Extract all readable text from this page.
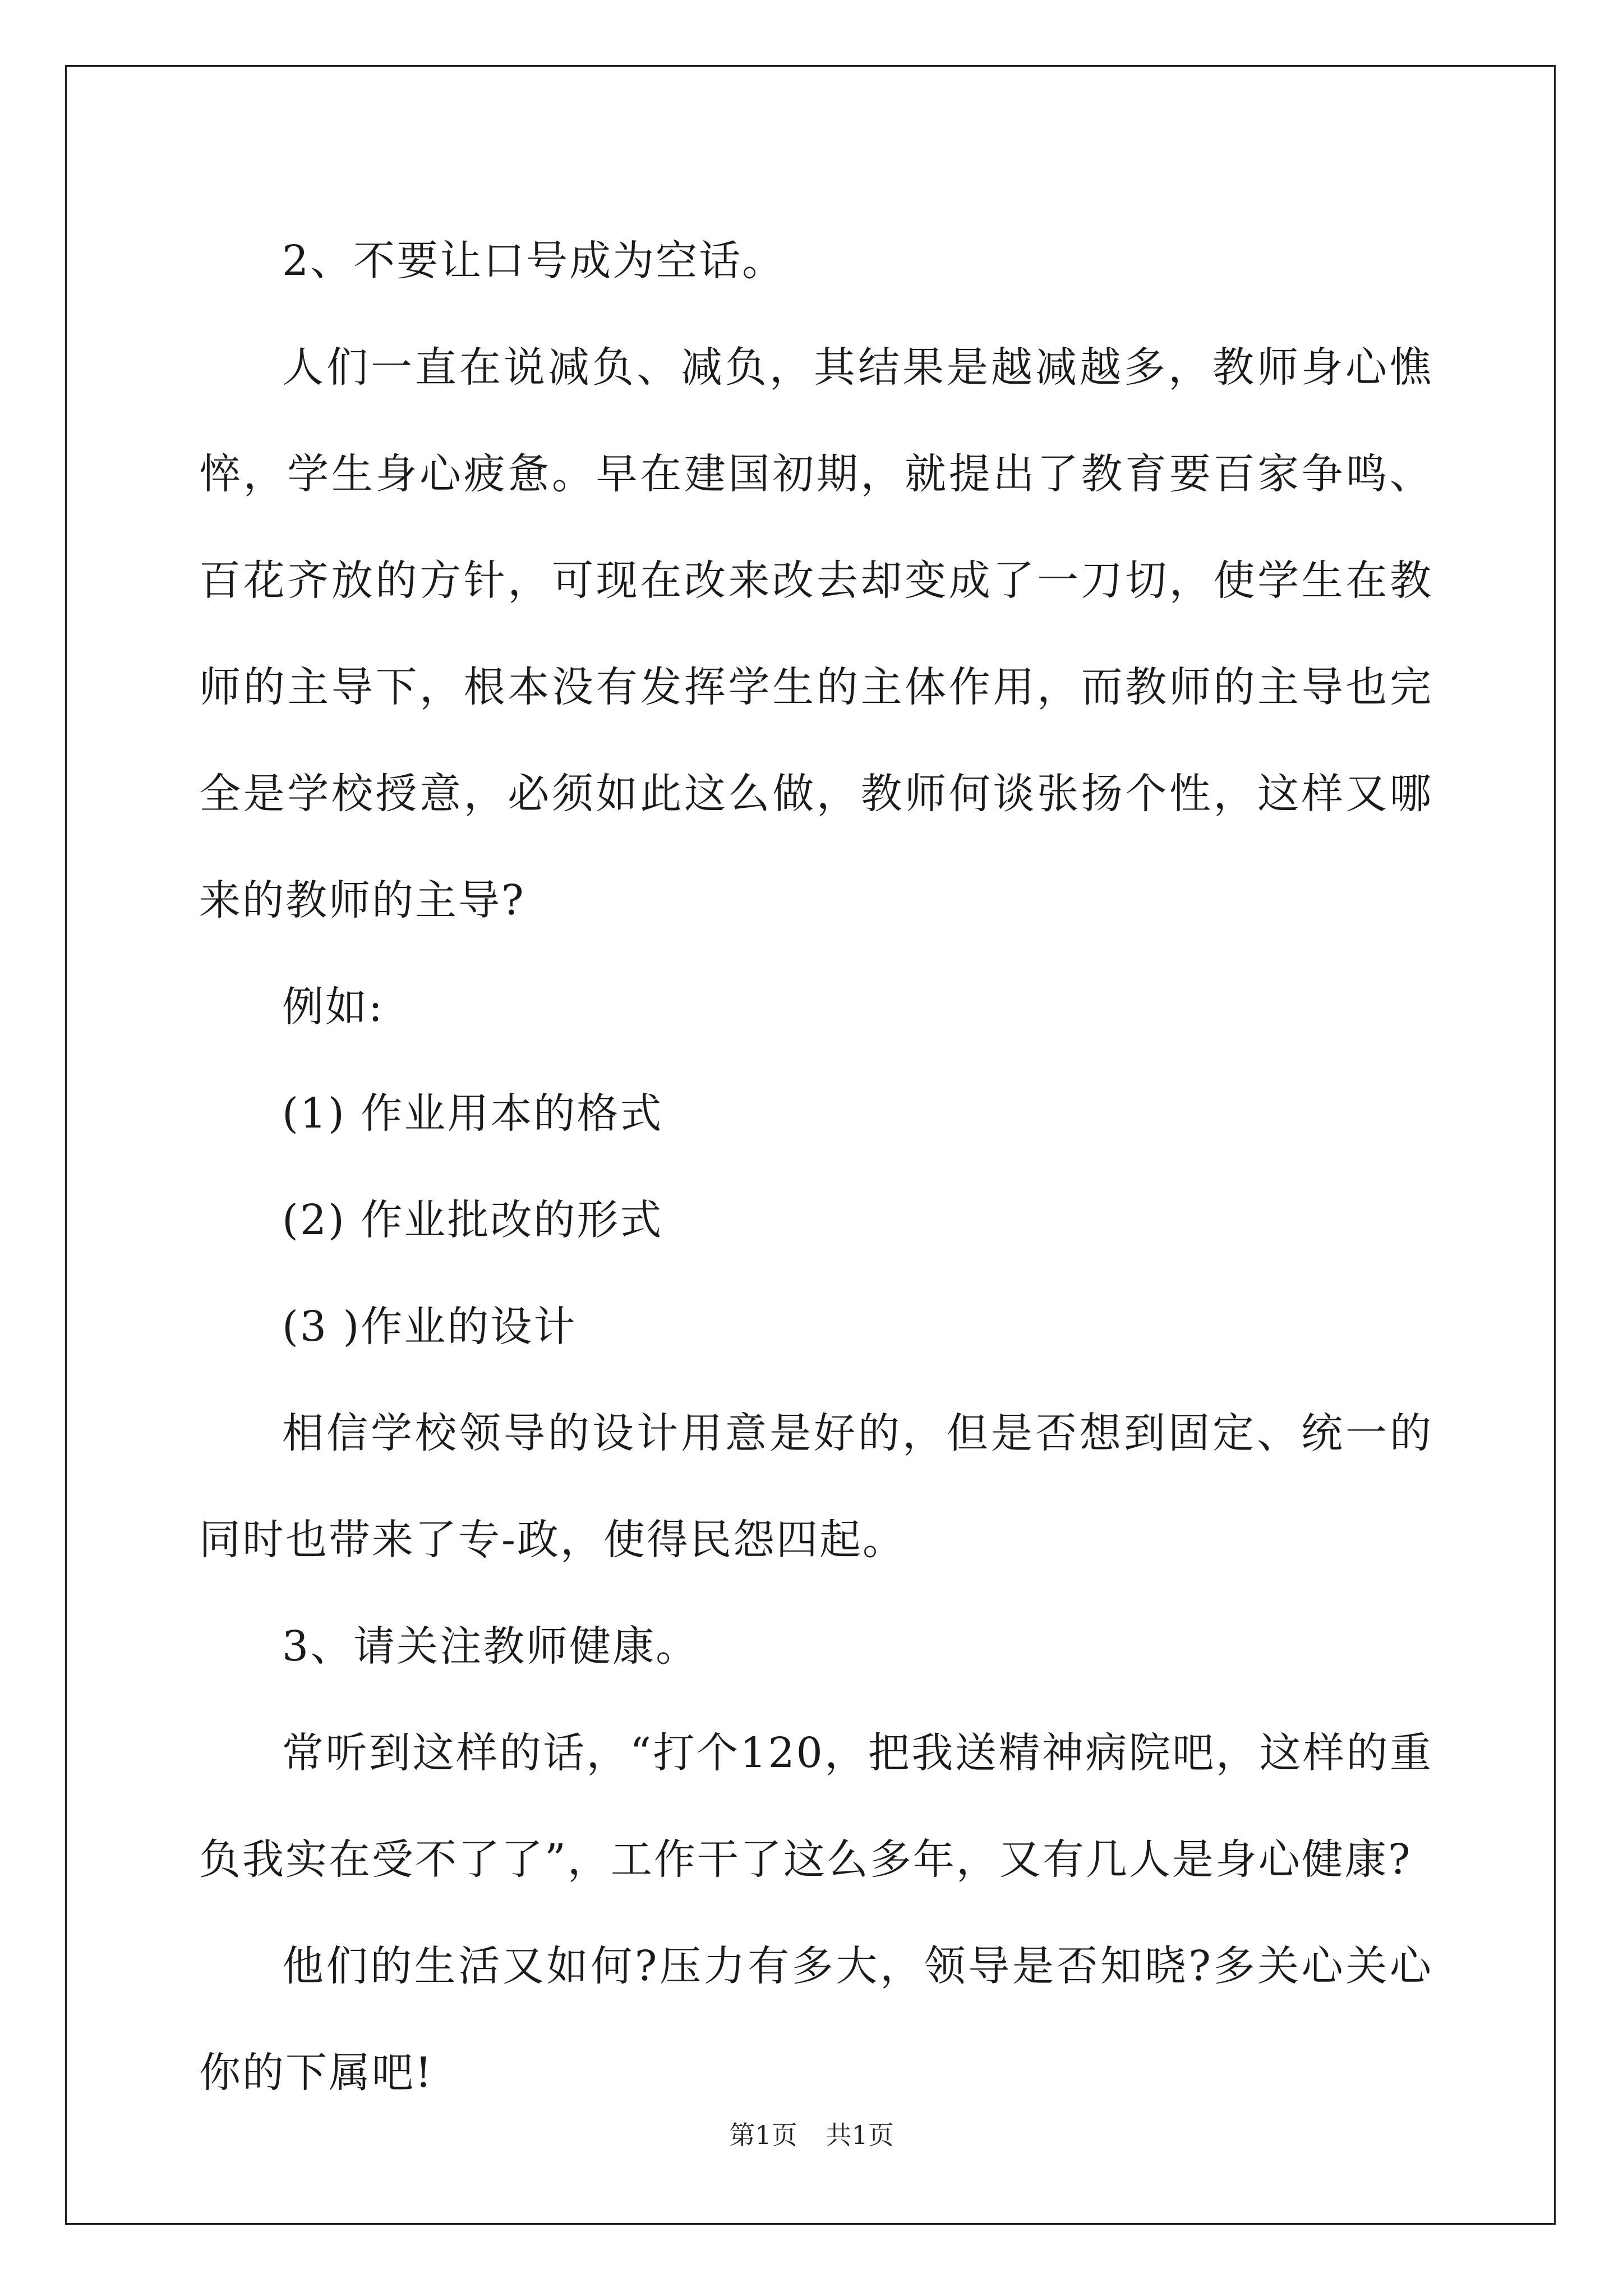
2、不要让口号成为空话。

人们一直在说减负、减负，其结果是越减越多，教师身心憔悴，学生身心疲惫。早在建国初期，就提出了教育要百家争鸣、百花齐放的方针，可现在改来改去却变成了一刀切，使学生在教师的主导下，根本没有发挥学生的主体作用，而教师的主导也完全是学校授意，必须如此这么做，教师何谈张扬个性，这样又哪来的教师的主导?

例如:

(1) 作业用本的格式

(2) 作业批改的形式

(3 )作业的设计

相信学校领导的设计用意是好的，但是否想到固定、统一的同时也带来了专-政，使得民怨四起。

3、请关注教师健康。

常听到这样的话，“打个120，把我送精神病院吧，这样的重负我实在受不了了”，工作干了这么多年，又有几人是身心健康?

他们的生活又如何?压力有多大，领导是否知晓?多关心关心你的下属吧!

第1页 共1页
